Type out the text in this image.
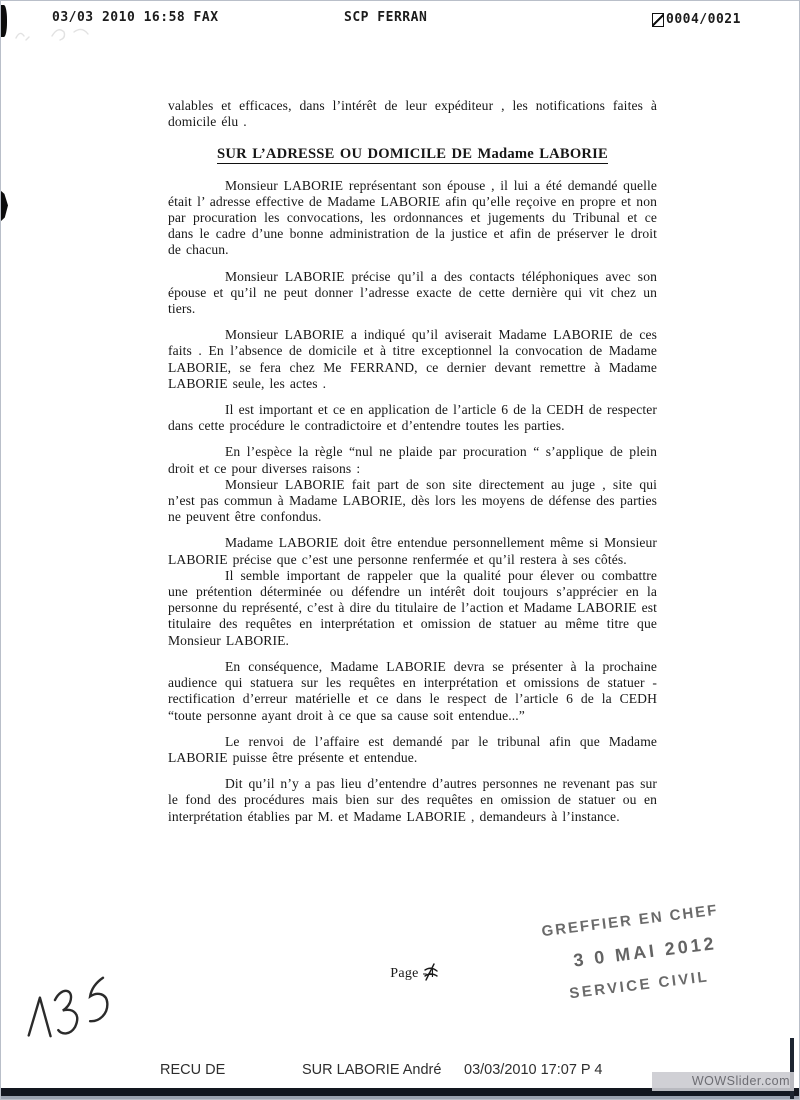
03/03 2010 16:58 FAX	SCP FERRAN	0004/0021

valables et efficaces, dans l’intérêt de leur expéditeur , les notifications faites à domicile élu .

SUR L’ADRESSE OU DOMICILE DE Madame LABORIE

Monsieur LABORIE représentant son épouse , il lui a été demandé quelle était l’ adresse effective de Madame LABORIE afin qu’elle reçoive en propre et non par procuration les convocations, les ordonnances et jugements du Tribunal et ce dans le cadre d’une bonne administration de la justice et afin de préserver le droit de chacun.

Monsieur LABORIE précise qu’il a des contacts téléphoniques avec son épouse et qu’il ne peut donner l’adresse exacte de cette dernière qui vit chez un tiers.

Monsieur LABORIE a indiqué qu’il aviserait Madame LABORIE de ces faits . En l’absence de domicile et à titre exceptionnel la convocation de Madame LABORIE, se fera chez Me FERRAND, ce dernier devant remettre à Madame LABORIE seule, les actes .

Il est important et ce en application de l’article 6 de la CEDH de respecter dans cette procédure le contradictoire et d’entendre toutes les parties.

En l’espèce la règle “nul ne plaide par procuration “ s’applique de plein droit et ce pour diverses raisons :

Monsieur LABORIE fait part de son site directement au juge , site qui n’est pas commun à Madame LABORIE, dès lors les moyens de défense des parties ne peuvent être confondus.

Madame LABORIE doit être entendue personnellement même si Monsieur LABORIE précise que c’est une personne renfermée et qu’il restera à ses côtés.

Il semble important de rappeler que la qualité pour élever ou combattre une prétention déterminée ou défendre un intérêt doit toujours s’apprécier en la personne du représenté, c’est à dire du titulaire de l’action et Madame LABORIE est titulaire des requêtes en interprétation et omission de statuer au même titre que Monsieur LABORIE.

En conséquence, Madame LABORIE devra se présenter à la prochaine audience qui statuera sur les requêtes en interprétation et omissions de statuer - rectification d’erreur matérielle et ce dans le respect de l’article 6 de la CEDH “toute personne ayant droit à ce que sa cause soit entendue...”

Le renvoi de l’affaire est demandé par le tribunal afin que Madame LABORIE puisse être présente et entendue.

Dit qu’il n’y a pas lieu d’entendre d’autres personnes ne revenant pas sur le fond des procédures mais bien sur des requêtes en omission de statuer ou en interprétation établies par M. et Madame LABORIE , demandeurs à l’instance.

Page -4
GREFFIER EN CHEF
3 0 MAI 2012
SERVICE CIVIL
RECU DE	SUR LABORIE André 03/03/2010 17:07 P 4
WOWSlider.com
